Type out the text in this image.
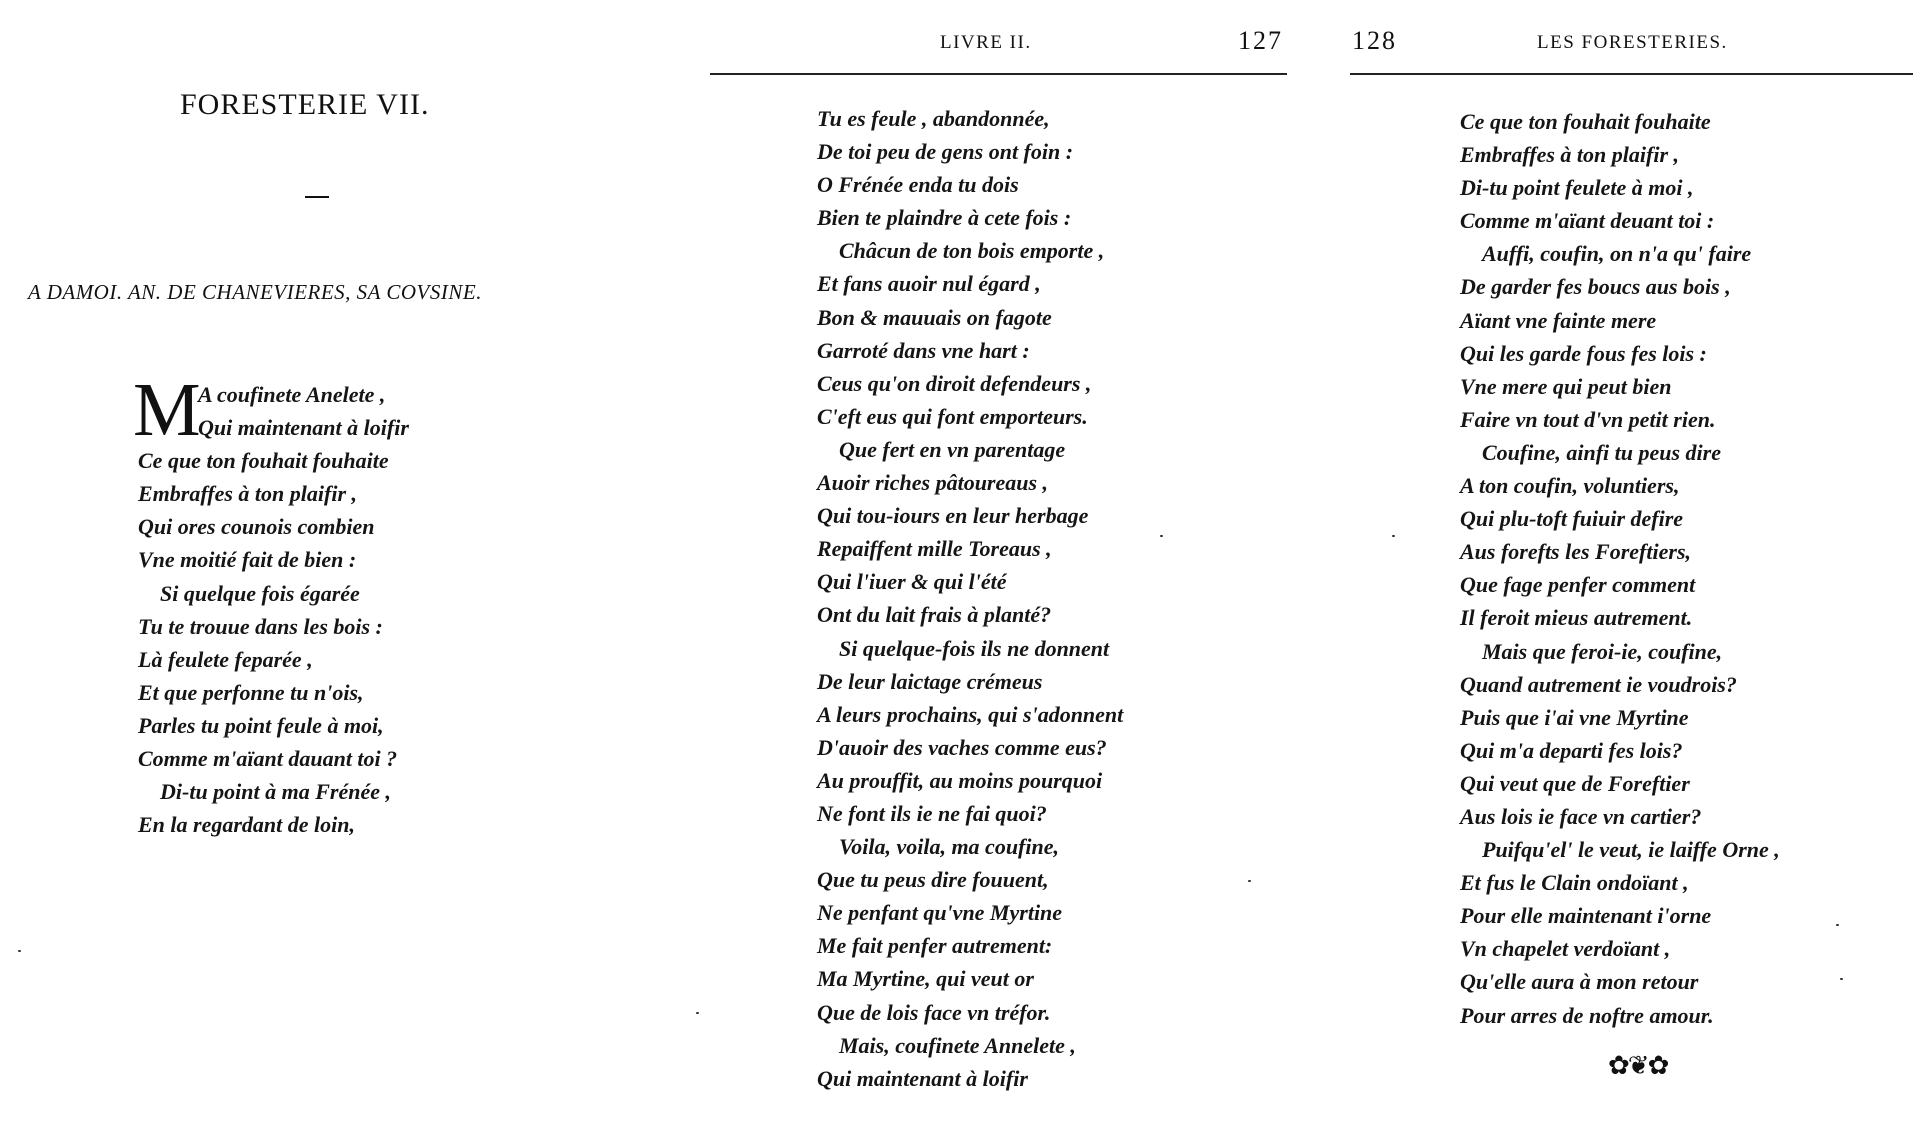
FORESTERIE VII.
A DAMOI. AN. DE CHANEVIERES, SA COVSINE.
M
A coufinete Anelete ,
Qui maintenant à loifir
Ce que ton fouhait fouhaite
Embraffes à ton plaifir ,
Qui ores counois combien
Vne moitié fait de bien :
Si quelque fois égarée
Tu te trouue dans les bois :
Là feulete feparée ,
Et que perfonne tu n'ois,
Parles tu point feule à moi,
Comme m'aïant dauant toi ?
Di-tu point à ma Frénée ,
En la regardant de loin,
LIVRE II.	127
Tu es feule , abandonnée,
De toi peu de gens ont foin :
O Frénée enda tu dois
Bien te plaindre à cete fois :
Châcun de ton bois emporte ,
Et fans auoir nul égard ,
Bon & mauuais on fagote
Garroté dans vne hart :
Ceus qu'on diroit defendeurs ,
C'eft eus qui font emporteurs.
Que fert en vn parentage
Auoir riches pâtoureaus ,
Qui tou-iours en leur herbage
Repaiffent mille Toreaus ,
Qui l'iuer & qui l'été
Ont du lait frais à planté?
Si quelque-fois ils ne donnent
De leur laictage crémeus
A leurs prochains, qui s'adonnent
D'auoir des vaches comme eus?
Au prouffit, au moins pourquoi
Ne font ils ie ne fai quoi?
Voila, voila, ma coufine,
Que tu peus dire fouuent,
Ne penfant qu'vne Myrtine
Me fait penfer autrement:
Ma Myrtine, qui veut or
Que de lois face vn tréfor.
Mais, coufinete Annelete ,
Qui maintenant à loifir
128	LES FORESTERIES.
Ce que ton fouhait fouhaite
Embraffes à ton plaifir ,
Di-tu point feulete à moi ,
Comme m'aïant deuant toi :
Auffi, coufin, on n'a qu' faire
De garder fes boucs aus bois ,
Aïant vne fainte mere
Qui les garde fous fes lois :
Vne mere qui peut bien
Faire vn tout d'vn petit rien.
Coufine, ainfi tu peus dire
A ton coufin, voluntiers,
Qui plu-toft fuiuir defire
Aus forefts les Foreftiers,
Que fage penfer comment
Il feroit mieus autrement.
Mais que feroi-ie, coufine,
Quand autrement ie voudrois?
Puis que i'ai vne Myrtine
Qui m'a departi fes lois?
Qui veut que de Foreftier
Aus lois ie face vn cartier?
Puifqu'el' le veut, ie laiffe Orne ,
Et fus le Clain ondoïant ,
Pour elle maintenant i'orne
Vn chapelet verdoïant ,
Qu'elle aura à mon retour
Pour arres de noftre amour.
✿❦✿
